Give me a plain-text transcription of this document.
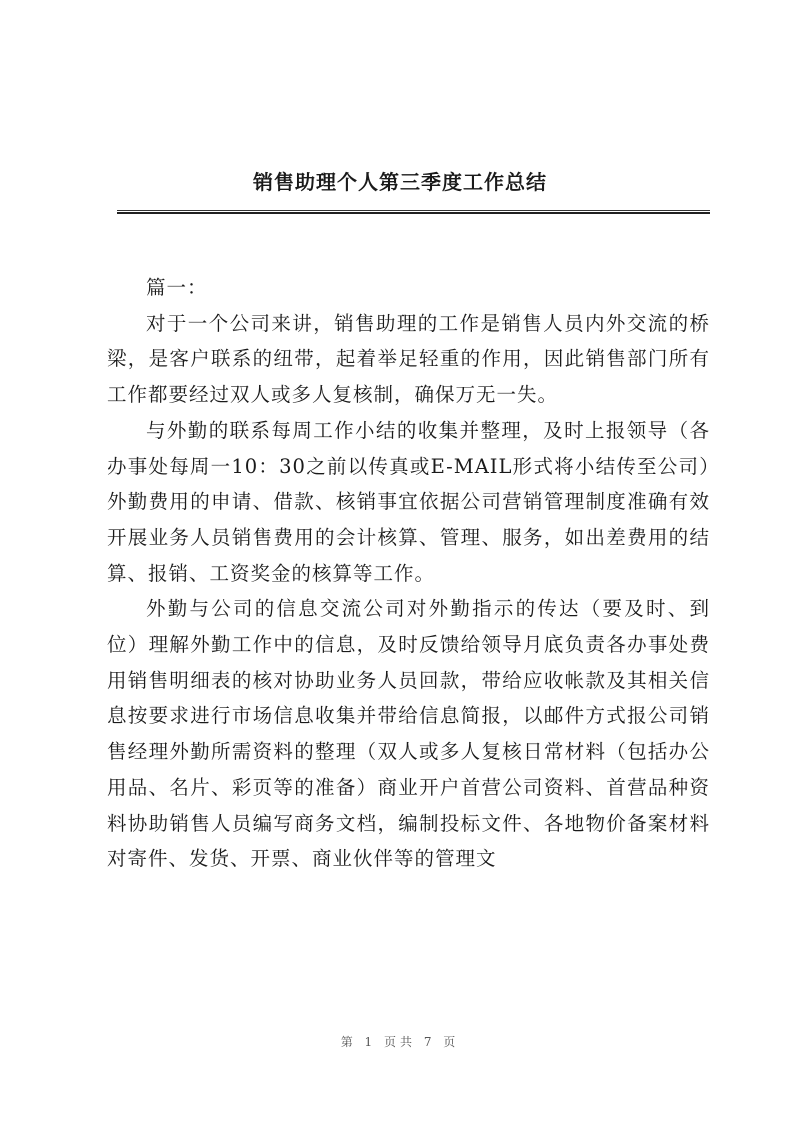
销售助理个人第三季度工作总结

篇一：

对于一个公司来讲，销售助理的工作是销售人员内外交流的桥梁，是客户联系的纽带，起着举足轻重的作用，因此销售部门所有工作都要经过双人或多人复核制，确保万无一失。

与外勤的联系每周工作小结的收集并整理，及时上报领导（各办事处每周一10：30之前以传真或E-MAIL形式将小结传至公司）外勤费用的申请、借款、核销事宜依据公司营销管理制度准确有效开展业务人员销售费用的会计核算、管理、服务，如出差费用的结算、报销、工资奖金的核算等工作。

外勤与公司的信息交流公司对外勤指示的传达（要及时、到位）理解外勤工作中的信息，及时反馈给领导月底负责各办事处费用销售明细表的核对协助业务人员回款，带给应收帐款及其相关信息按要求进行市场信息收集并带给信息简报，以邮件方式报公司销售经理外勤所需资料的整理（双人或多人复核日常材料（包括办公用品、名片、彩页等的准备）商业开户首营公司资料、首营品种资料协助销售人员编写商务文档，编制投标文件、各地物价备案材料对寄件、发货、开票、商业伙伴等的管理文

第 1 页共 7 页
